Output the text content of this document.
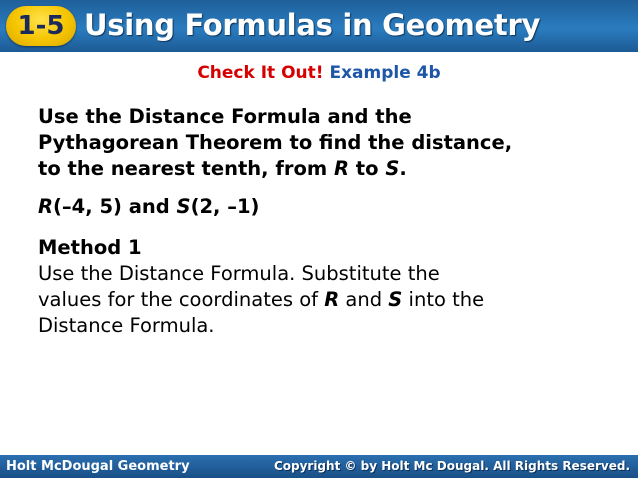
1-5 Using Formulas in Geometry
Check It Out! Example 4b
Use the Distance Formula and the
Pythagorean Theorem to find the distance,
to the nearest tenth, from R to S.
R(–4, 5) and S(2, –1)
Method 1
Use the Distance Formula. Substitute the
values for the coordinates of R and S into the
Distance Formula.
Holt McDougal Geometry	Copyright © by Holt Mc Dougal. All Rights Reserved.
